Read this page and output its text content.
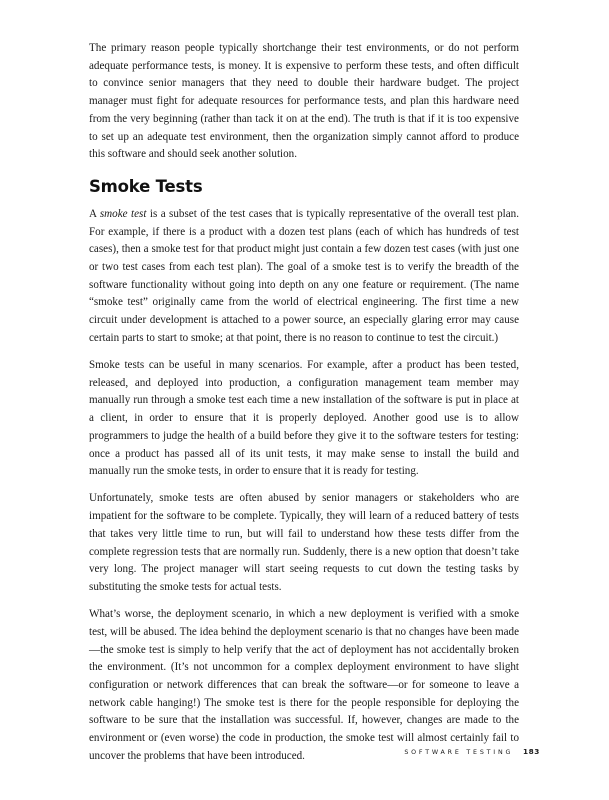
The primary reason people typically shortchange their test environments, or do not perform adequate performance tests, is money. It is expensive to perform these tests, and often difficult to convince senior managers that they need to double their hardware budget. The project manager must fight for adequate resources for performance tests, and plan this hardware need from the very beginning (rather than tack it on at the end). The truth is that if it is too expensive to set up an adequate test environment, then the organization simply cannot afford to produce this software and should seek another solution.

Smoke Tests

A smoke test is a subset of the test cases that is typically representative of the overall test plan. For example, if there is a product with a dozen test plans (each of which has hundreds of test cases), then a smoke test for that product might just contain a few dozen test cases (with just one or two test cases from each test plan). The goal of a smoke test is to verify the breadth of the software functionality without going into depth on any one feature or requirement. (The name “smoke test” originally came from the world of electrical engineering. The first time a new circuit under development is attached to a power source, an especially glaring error may cause certain parts to start to smoke; at that point, there is no reason to continue to test the circuit.)

Smoke tests can be useful in many scenarios. For example, after a product has been tested, released, and deployed into production, a configuration management team member may manually run through a smoke test each time a new installation of the software is put in place at a client, in order to ensure that it is properly deployed. Another good use is to allow programmers to judge the health of a build before they give it to the software testers for testing: once a product has passed all of its unit tests, it may make sense to install the build and manually run the smoke tests, in order to ensure that it is ready for testing.

Unfortunately, smoke tests are often abused by senior managers or stakeholders who are impatient for the software to be complete. Typically, they will learn of a reduced battery of tests that takes very little time to run, but will fail to understand how these tests differ from the complete regression tests that are normally run. Suddenly, there is a new option that doesn’t take very long. The project manager will start seeing requests to cut down the testing tasks by substituting the smoke tests for actual tests.

What’s worse, the deployment scenario, in which a new deployment is verified with a smoke test, will be abused. The idea behind the deployment scenario is that no changes have been made—the smoke test is simply to help verify that the act of deployment has not accidentally broken the environment. (It’s not uncommon for a complex deployment environment to have slight configuration or network differences that can break the software—or for someone to leave a network cable hanging!) The smoke test is there for the people responsible for deploying the software to be sure that the installation was successful. If, however, changes are made to the environment or (even worse) the code in production, the smoke test will almost certainly fail to uncover the problems that have been introduced.	SOFTWARE TESTING 183
